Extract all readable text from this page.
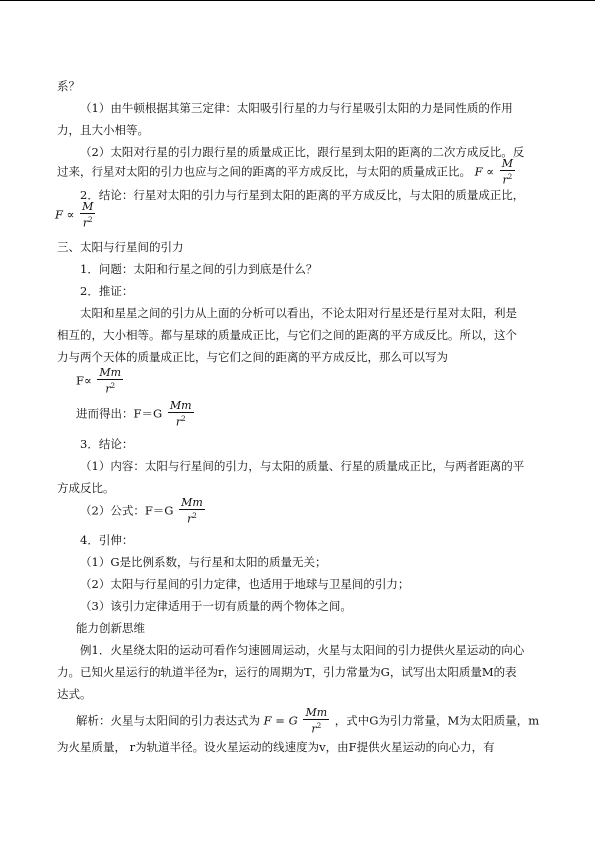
系？
（1）由牛顿根据其第三定律：太阳吸引行星的力与行星吸引太阳的力是同性质的作用
力，且大小相等。
（2）太阳对行星的引力跟行星的质量成正比，跟行星到太阳的距离的二次方成反比。反
过来，行星对太阳的引力也应与之间的距离的平方成反比，与太阳的质量成正比。 $F \propto \frac{M}{r^2}$
2．结论：行星对太阳的引力与行星到太阳的距离的平方成反比，与太阳的质量成正比，
$F \propto \frac{M}{r^2}$
三、太阳与行星间的引力
1．问题：太阳和行星之间的引力到底是什么？
2．推证：
太阳和星星之间的引力从上面的分析可以看出，不论太阳对行星还是行星对太阳，利是
相互的，大小相等。都与星球的质量成正比，与它们之间的距离的平方成反比。所以，这个
力与两个天体的质量成正比，与它们之间的距离的平方成反比，那么可以写为
$F\propto \frac{Mm}{r^2}$
进而得出：$F=G \frac{Mm}{r^2}$
3．结论：
（1）内容：太阳与行星间的引力，与太阳的质量、行星的质量成正比，与两者距离的平
方成反比。
（2）公式：$F=G \frac{Mm}{r^2}$
4．引伸：
（1）G是比例系数，与行星和太阳的质量无关；
（2）太阳与行星间的引力定律，也适用于地球与卫星间的引力；
（3）该引力定律适用于一切有质量的两个物体之间。
能力创新思维
例1．火星绕太阳的运动可看作匀速圆周运动，火星与太阳间的引力提供火星运动的向心
力。已知火星运行的轨道半径为r，运行的周期为T，引力常量为G，试写出太阳质量M的表
达式。
解析：火星与太阳间的引力表达式为 F = G $\frac{Mm}{r^2}$ ，式中G为引力常量，M为太阳质量，m
为火星质量， r为轨道半径。设火星运动的线速度为v，由F提供火星运动的向心力，有
